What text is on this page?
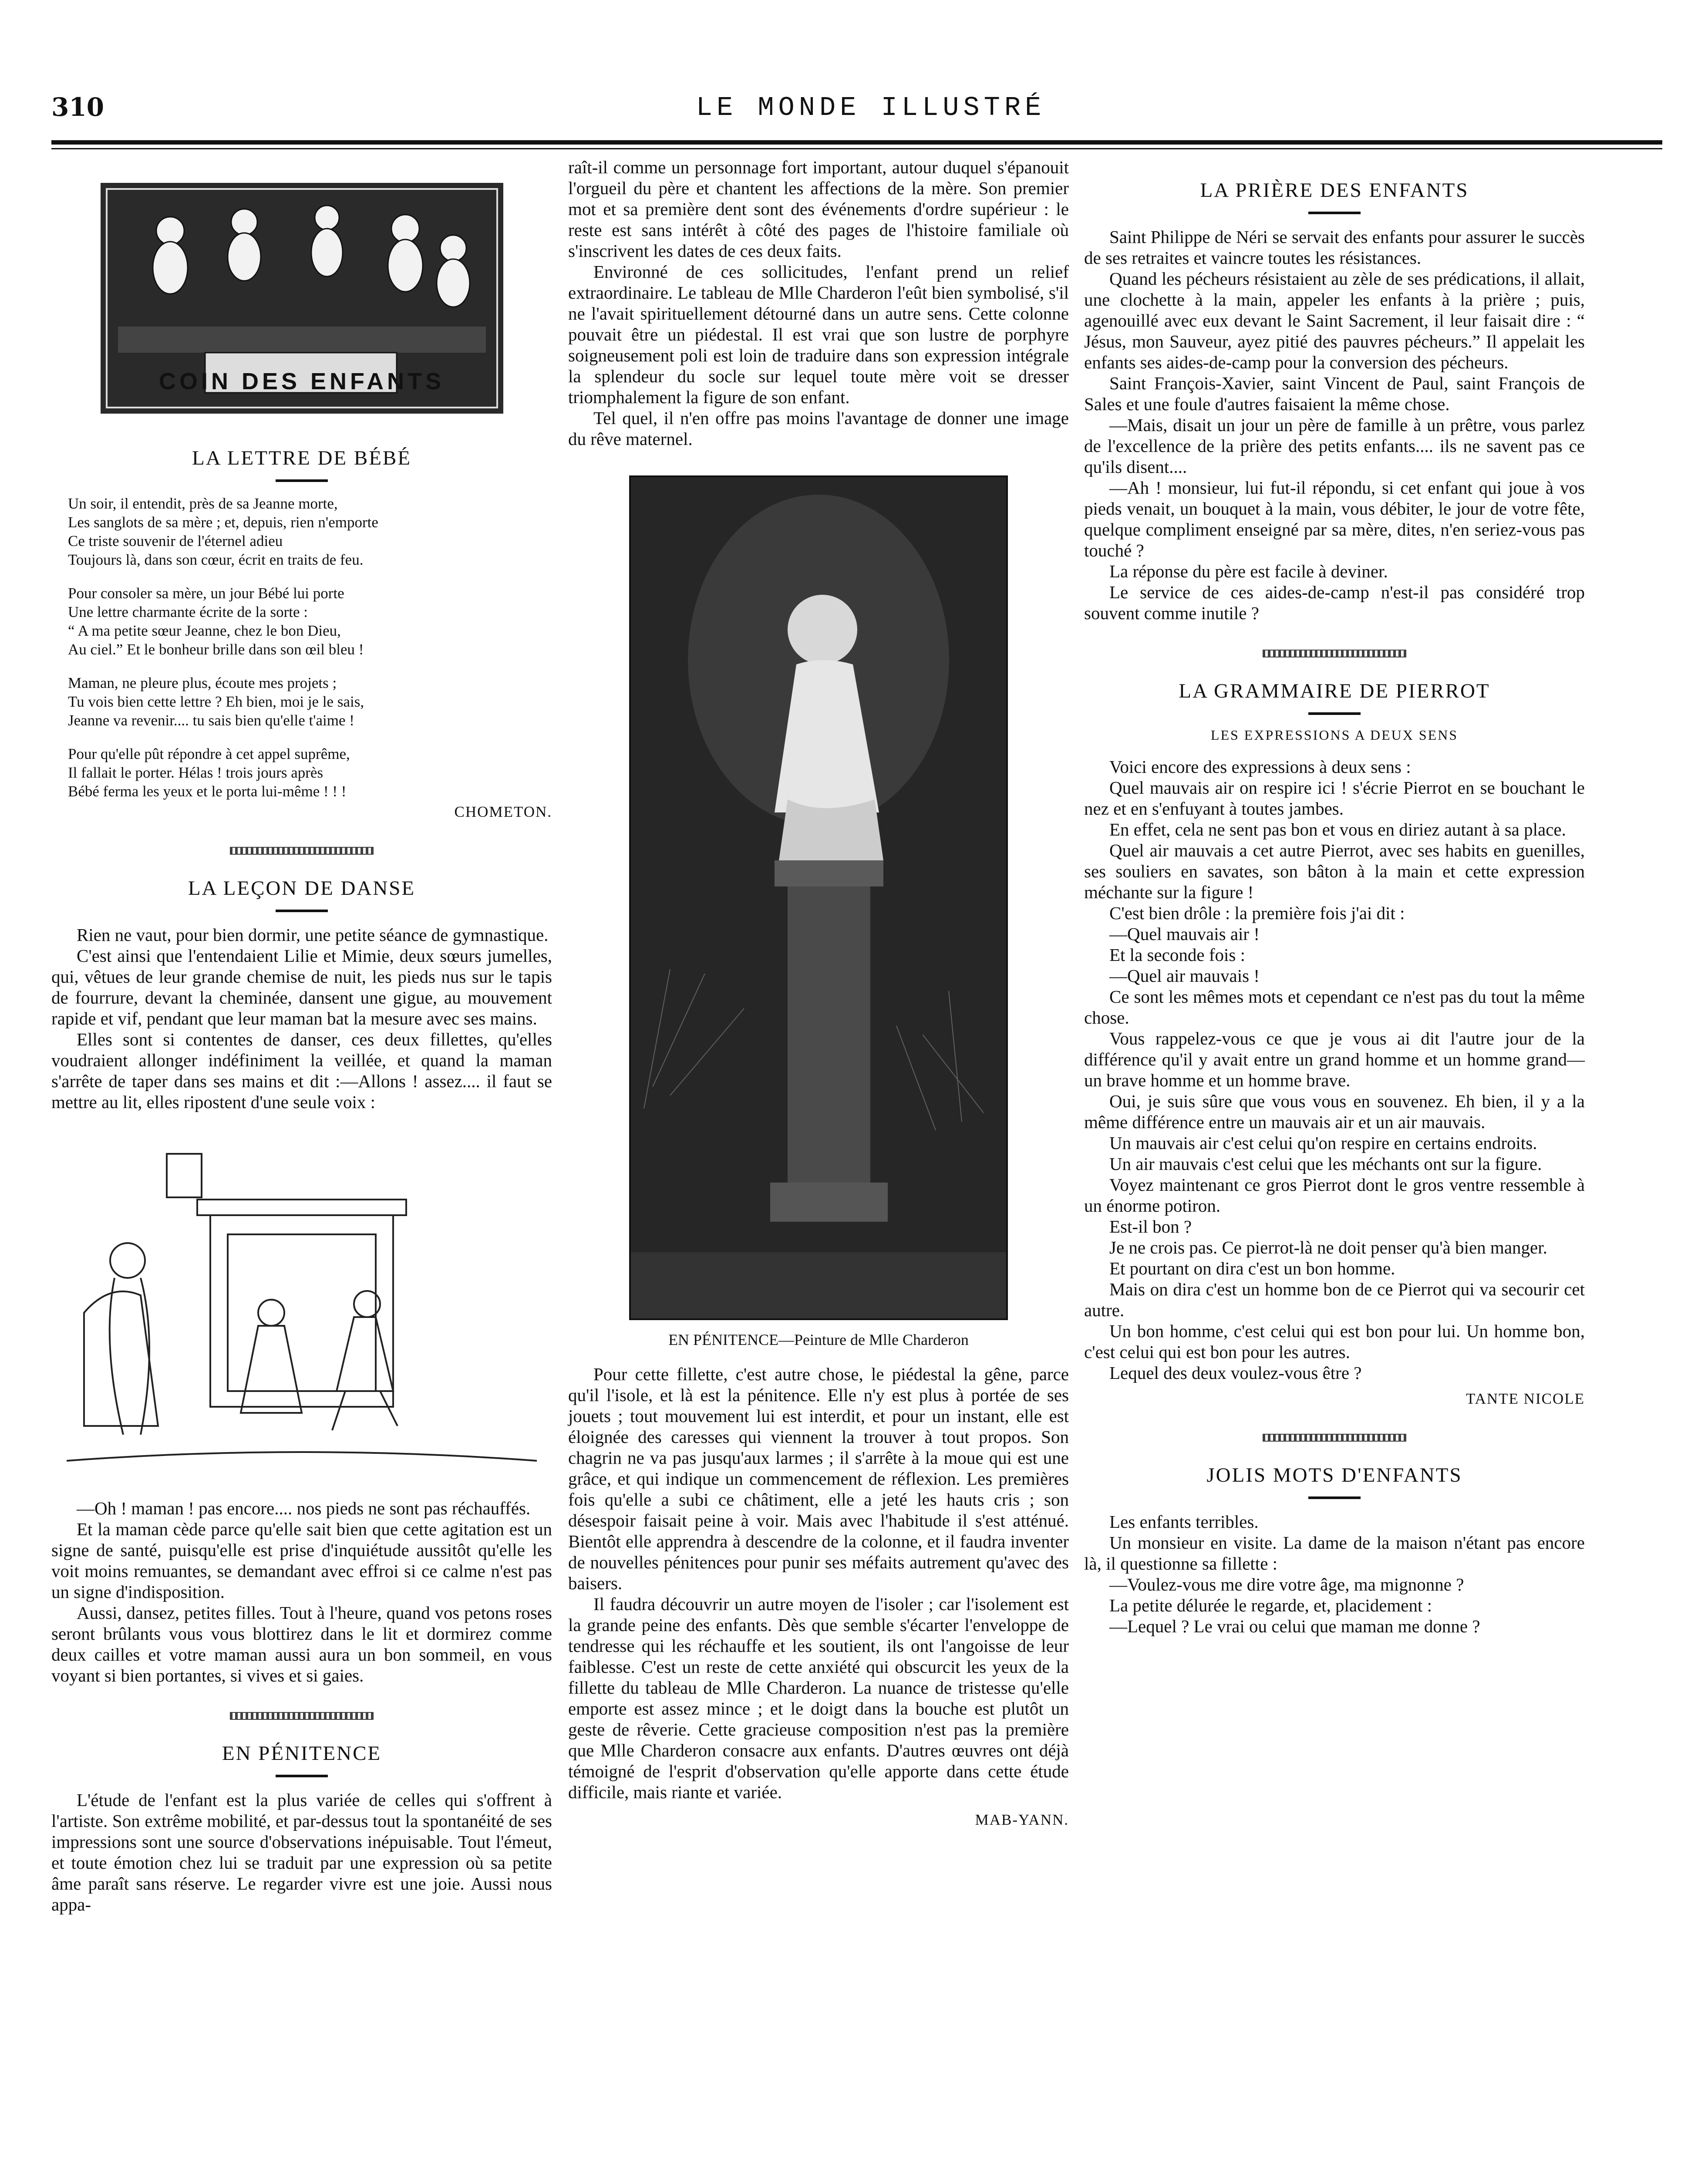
310	LE MONDE ILLUSTRÉ
COIN DES ENFANTS
LA LETTRE DE BÉBÉ
Un soir, il entendit, près de sa Jeanne morte,
Les sanglots de sa mère ; et, depuis, rien n'emporte
Ce triste souvenir de l'éternel adieu
Toujours là, dans son cœur, écrit en traits de feu.
Pour consoler sa mère, un jour Bébé lui porte
Une lettre charmante écrite de la sorte :
“ A ma petite sœur Jeanne, chez le bon Dieu,
Au ciel.” Et le bonheur brille dans son œil bleu !
Maman, ne pleure plus, écoute mes projets ;
Tu vois bien cette lettre ? Eh bien, moi je le sais,
Jeanne va revenir.... tu sais bien qu'elle t'aime !
Pour qu'elle pût répondre à cet appel suprême,
Il fallait le porter. Hélas ! trois jours après
Bébé ferma les yeux et le porta lui-même ! ! !
CHOMETON.
LA LEÇON DE DANSE

Rien ne vaut, pour bien dormir, une petite séance de gymnastique.

C'est ainsi que l'entendaient Lilie et Mimie, deux sœurs jumelles, qui, vêtues de leur grande chemise de nuit, les pieds nus sur le tapis de fourrure, devant la cheminée, dansent une gigue, au mouvement rapide et vif, pendant que leur maman bat la mesure avec ses mains.

Elles sont si contentes de danser, ces deux fillettes, qu'elles voudraient allonger indéfiniment la veillée, et quand la maman s'arrête de taper dans ses mains et dit :—Allons ! assez.... il faut se mettre au lit, elles ripostent d'une seule voix :

—Oh ! maman ! pas encore.... nos pieds ne sont pas réchauffés.

Et la maman cède parce qu'elle sait bien que cette agitation est un signe de santé, puisqu'elle est prise d'inquiétude aussitôt qu'elle les voit moins remuantes, se demandant avec effroi si ce calme n'est pas un signe d'indisposition.

Aussi, dansez, petites filles. Tout à l'heure, quand vos petons roses seront brûlants vous vous blottirez dans le lit et dormirez comme deux cailles et votre maman aussi aura un bon sommeil, en vous voyant si bien portantes, si vives et si gaies.

EN PÉNITENCE

L'étude de l'enfant est la plus variée de celles qui s'offrent à l'artiste. Son extrême mobilité, et par-dessus tout la spontanéité de ses impressions sont une source d'observations inépuisable. Tout l'émeut, et toute émotion chez lui se traduit par une expression où sa petite âme paraît sans réserve. Le regarder vivre est une joie. Aussi nous appa-

raît-il comme un personnage fort important, autour duquel s'épanouit l'orgueil du père et chantent les affections de la mère. Son premier mot et sa première dent sont des événements d'ordre supérieur : le reste est sans intérêt à côté des pages de l'histoire familiale où s'inscrivent les dates de ces deux faits.

Environné de ces sollicitudes, l'enfant prend un relief extraordinaire. Le tableau de Mlle Charderon l'eût bien symbolisé, s'il ne l'avait spirituellement détourné dans un autre sens. Cette colonne pouvait être un piédestal. Il est vrai que son lustre de porphyre soigneusement poli est loin de traduire dans son expression intégrale la splendeur du socle sur lequel toute mère voit se dresser triomphalement la figure de son enfant.

Tel quel, il n'en offre pas moins l'avantage de donner une image du rêve maternel.

EN PÉNITENCE—Peinture de Mlle Charderon

Pour cette fillette, c'est autre chose, le piédestal la gêne, parce qu'il l'isole, et là est la pénitence. Elle n'y est plus à portée de ses jouets ; tout mouvement lui est interdit, et pour un instant, elle est éloignée des caresses qui viennent la trouver à tout propos. Son chagrin ne va pas jusqu'aux larmes ; il s'arrête à la moue qui est une grâce, et qui indique un commencement de réflexion. Les premières fois qu'elle a subi ce châtiment, elle a jeté les hauts cris ; son désespoir faisait peine à voir. Mais avec l'habitude il s'est atténué. Bientôt elle apprendra à descendre de la colonne, et il faudra inventer de nouvelles pénitences pour punir ses méfaits autrement qu'avec des baisers.

Il faudra découvrir un autre moyen de l'isoler ; car l'isolement est la grande peine des enfants. Dès que semble s'écarter l'enveloppe de tendresse qui les réchauffe et les soutient, ils ont l'angoisse de leur faiblesse. C'est un reste de cette anxiété qui obscurcit les yeux de la fillette du tableau de Mlle Charderon. La nuance de tristesse qu'elle emporte est assez mince ; et le doigt dans la bouche est plutôt un geste de rêverie. Cette gracieuse composition n'est pas la première que Mlle Charderon consacre aux enfants. D'autres œuvres ont déjà témoigné de l'esprit d'observation qu'elle apporte dans cette étude difficile, mais riante et variée.

MAB-YANN.
LA PRIÈRE DES ENFANTS

Saint Philippe de Néri se servait des enfants pour assurer le succès de ses retraites et vaincre toutes les résistances.

Quand les pécheurs résistaient au zèle de ses prédications, il allait, une clochette à la main, appeler les enfants à la prière ; puis, agenouillé avec eux devant le Saint Sacrement, il leur faisait dire : “ Jésus, mon Sauveur, ayez pitié des pauvres pécheurs.” Il appelait les enfants ses aides-de-camp pour la conversion des pécheurs.

Saint François-Xavier, saint Vincent de Paul, saint François de Sales et une foule d'autres faisaient la même chose.

—Mais, disait un jour un père de famille à un prêtre, vous parlez de l'excellence de la prière des petits enfants.... ils ne savent pas ce qu'ils disent....

—Ah ! monsieur, lui fut-il répondu, si cet enfant qui joue à vos pieds venait, un bouquet à la main, vous débiter, le jour de votre fête, quelque compliment enseigné par sa mère, dites, n'en seriez-vous pas touché ?

La réponse du père est facile à deviner.

Le service de ces aides-de-camp n'est-il pas considéré trop souvent comme inutile ?

LA GRAMMAIRE DE PIERROT
LES EXPRESSIONS A DEUX SENS

Voici encore des expressions à deux sens :

Quel mauvais air on respire ici ! s'écrie Pierrot en se bouchant le nez et en s'enfuyant à toutes jambes.

En effet, cela ne sent pas bon et vous en diriez autant à sa place.

Quel air mauvais a cet autre Pierrot, avec ses habits en guenilles, ses souliers en savates, son bâton à la main et cette expression méchante sur la figure !

C'est bien drôle : la première fois j'ai dit :

—Quel mauvais air !

Et la seconde fois :

—Quel air mauvais !

Ce sont les mêmes mots et cependant ce n'est pas du tout la même chose.

Vous rappelez-vous ce que je vous ai dit l'autre jour de la différence qu'il y avait entre un grand homme et un homme grand—un brave homme et un homme brave.

Oui, je suis sûre que vous vous en souvenez. Eh bien, il y a la même différence entre un mauvais air et un air mauvais.

Un mauvais air c'est celui qu'on respire en certains endroits.

Un air mauvais c'est celui que les méchants ont sur la figure.

Voyez maintenant ce gros Pierrot dont le gros ventre ressemble à un énorme potiron.

Est-il bon ?

Je ne crois pas. Ce pierrot-là ne doit penser qu'à bien manger.

Et pourtant on dira c'est un bon homme.

Mais on dira c'est un homme bon de ce Pierrot qui va secourir cet autre.

Un bon homme, c'est celui qui est bon pour lui. Un homme bon, c'est celui qui est bon pour les autres.

Lequel des deux voulez-vous être ?

TANTE NICOLE
JOLIS MOTS D'ENFANTS

Les enfants terribles.

Un monsieur en visite. La dame de la maison n'étant pas encore là, il questionne sa fillette :

—Voulez-vous me dire votre âge, ma mignonne ?

La petite délurée le regarde, et, placidement :

—Lequel ? Le vrai ou celui que maman me donne ?
